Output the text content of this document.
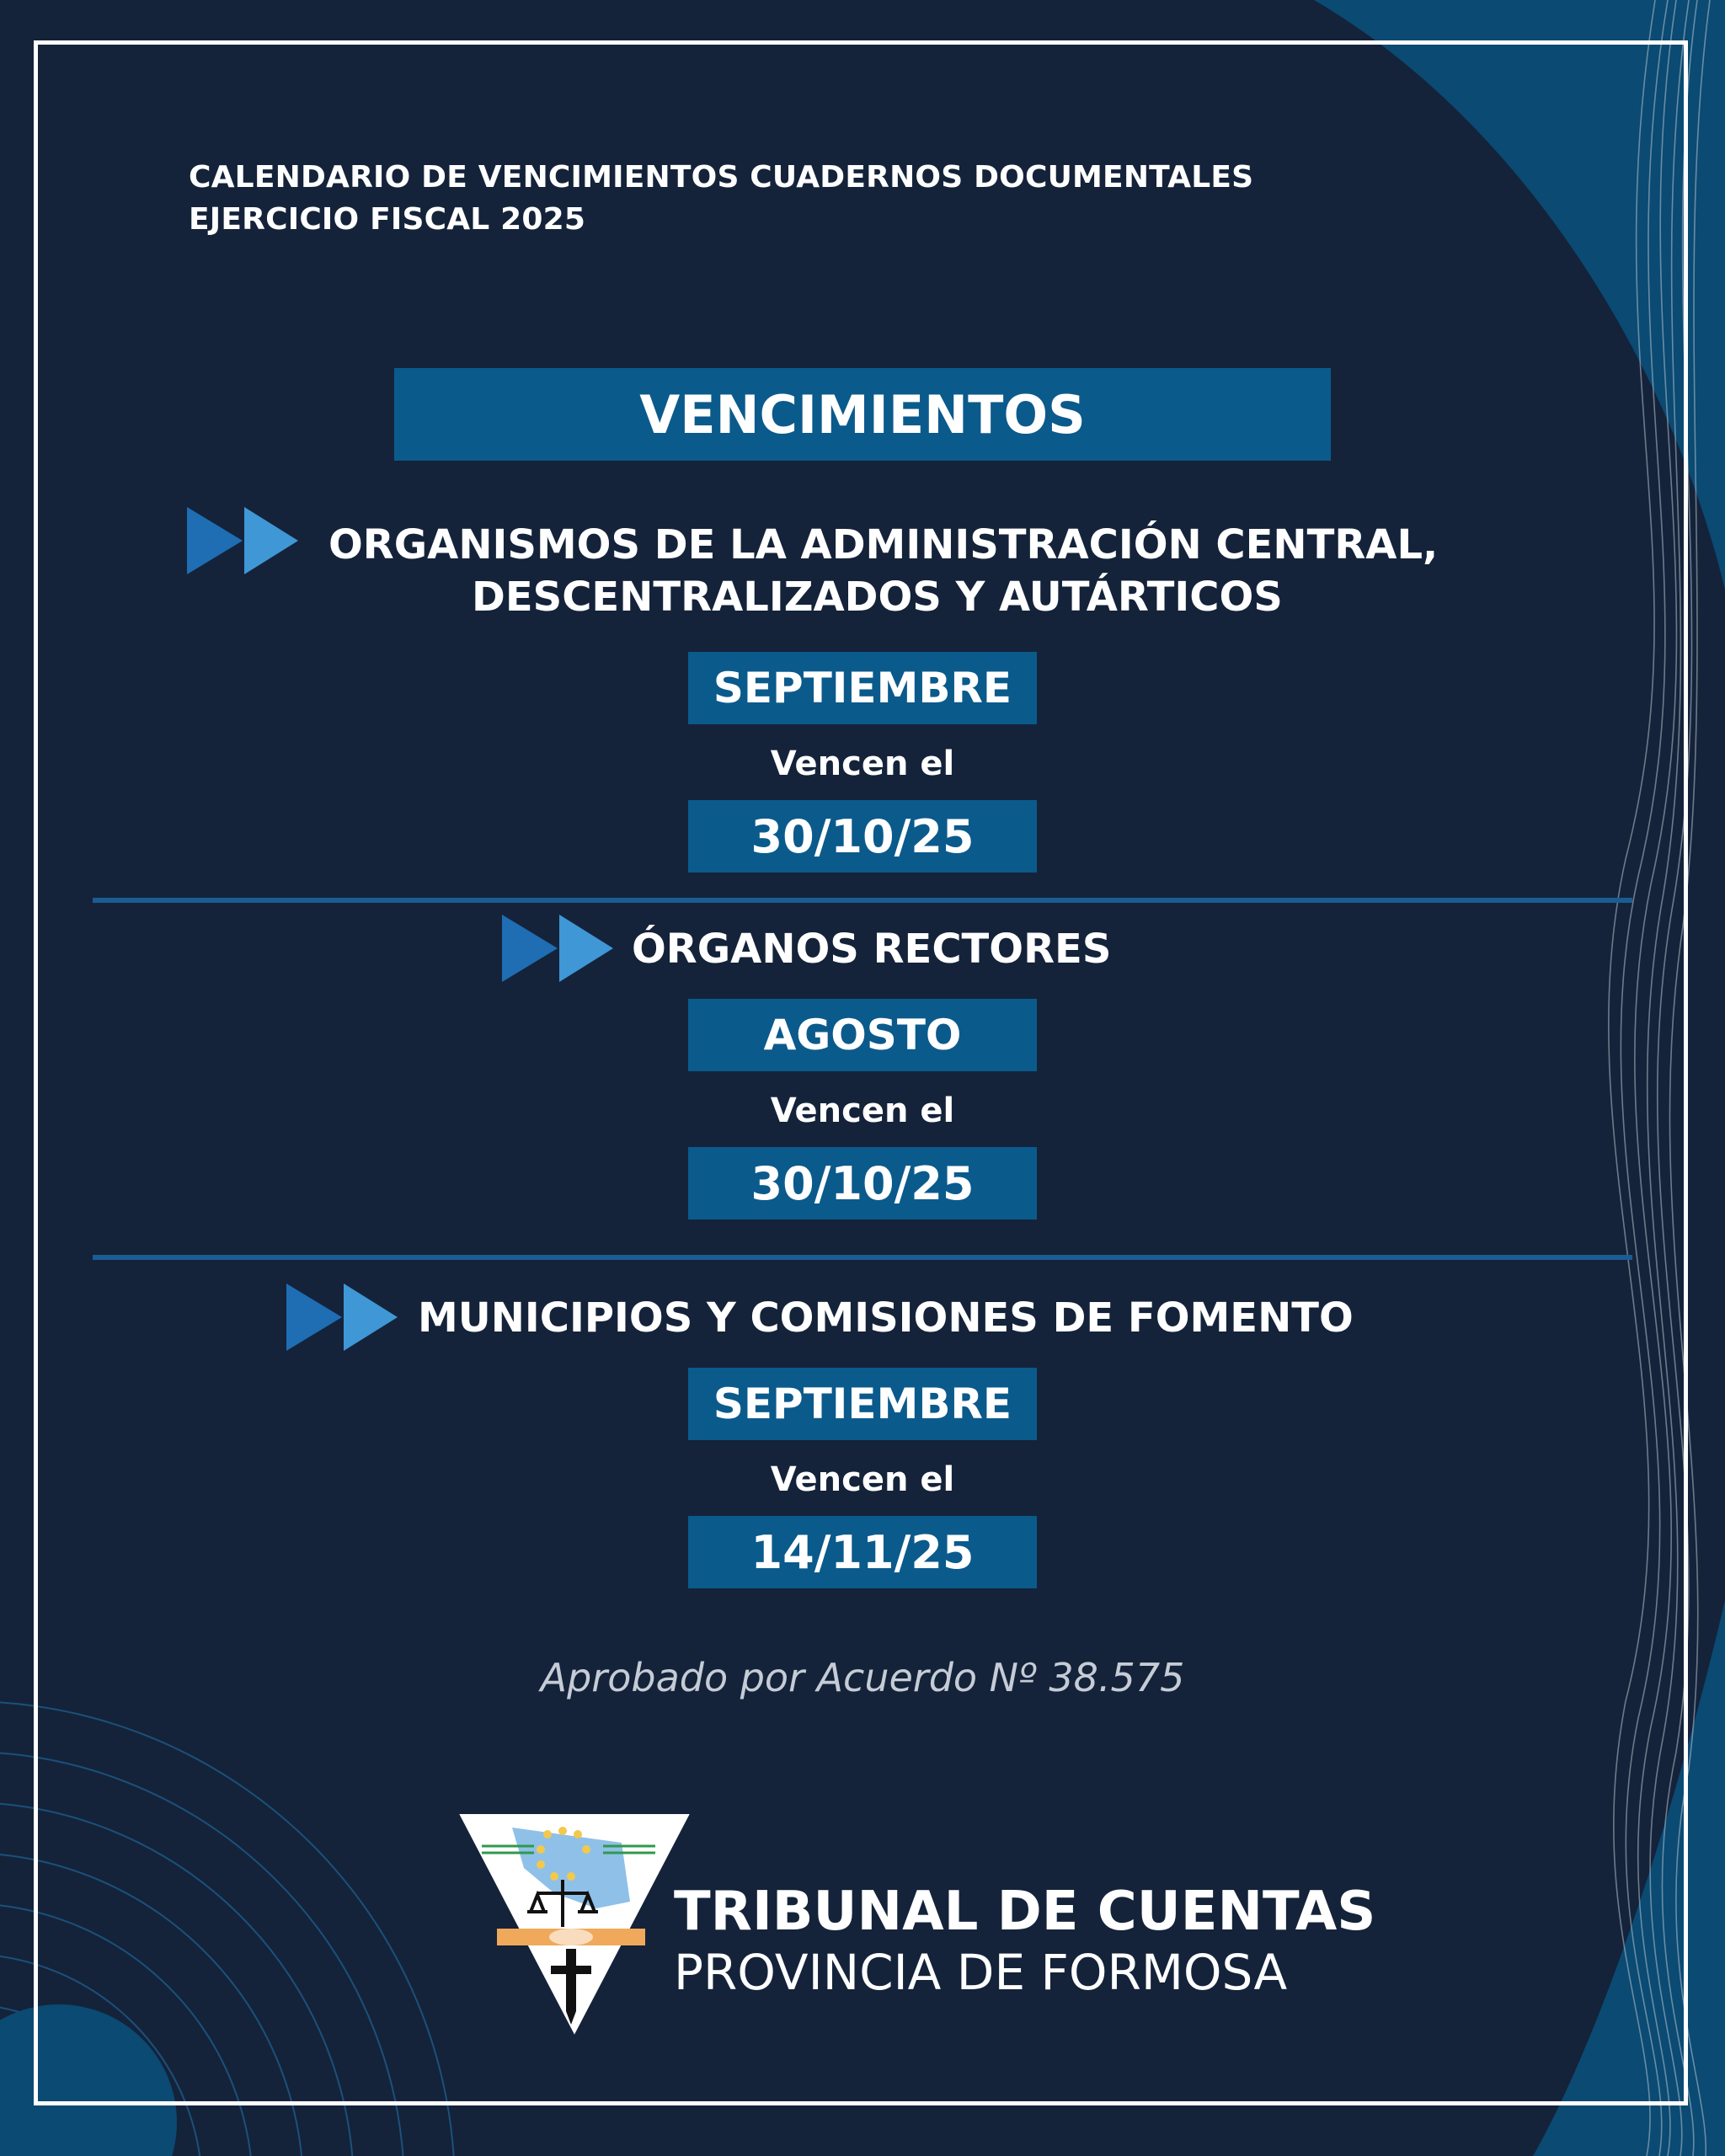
CALENDARIO DE VENCIMIENTOS CUADERNOS DOCUMENTALES
EJERCICIO FISCAL 2025
VENCIMIENTOS
ORGANISMOS DE LA ADMINISTRACIÓN CENTRAL,
DESCENTRALIZADOS Y AUTÁRTICOS
SEPTIEMBRE
Vencen el
30/10/25
ÓRGANOS RECTORES
AGOSTO
Vencen el
30/10/25
MUNICIPIOS Y COMISIONES DE FOMENTO
SEPTIEMBRE
Vencen el
14/11/25
Aprobado por Acuerdo Nº 38.575
TRIBUNAL DE CUENTAS
PROVINCIA DE FORMOSA
